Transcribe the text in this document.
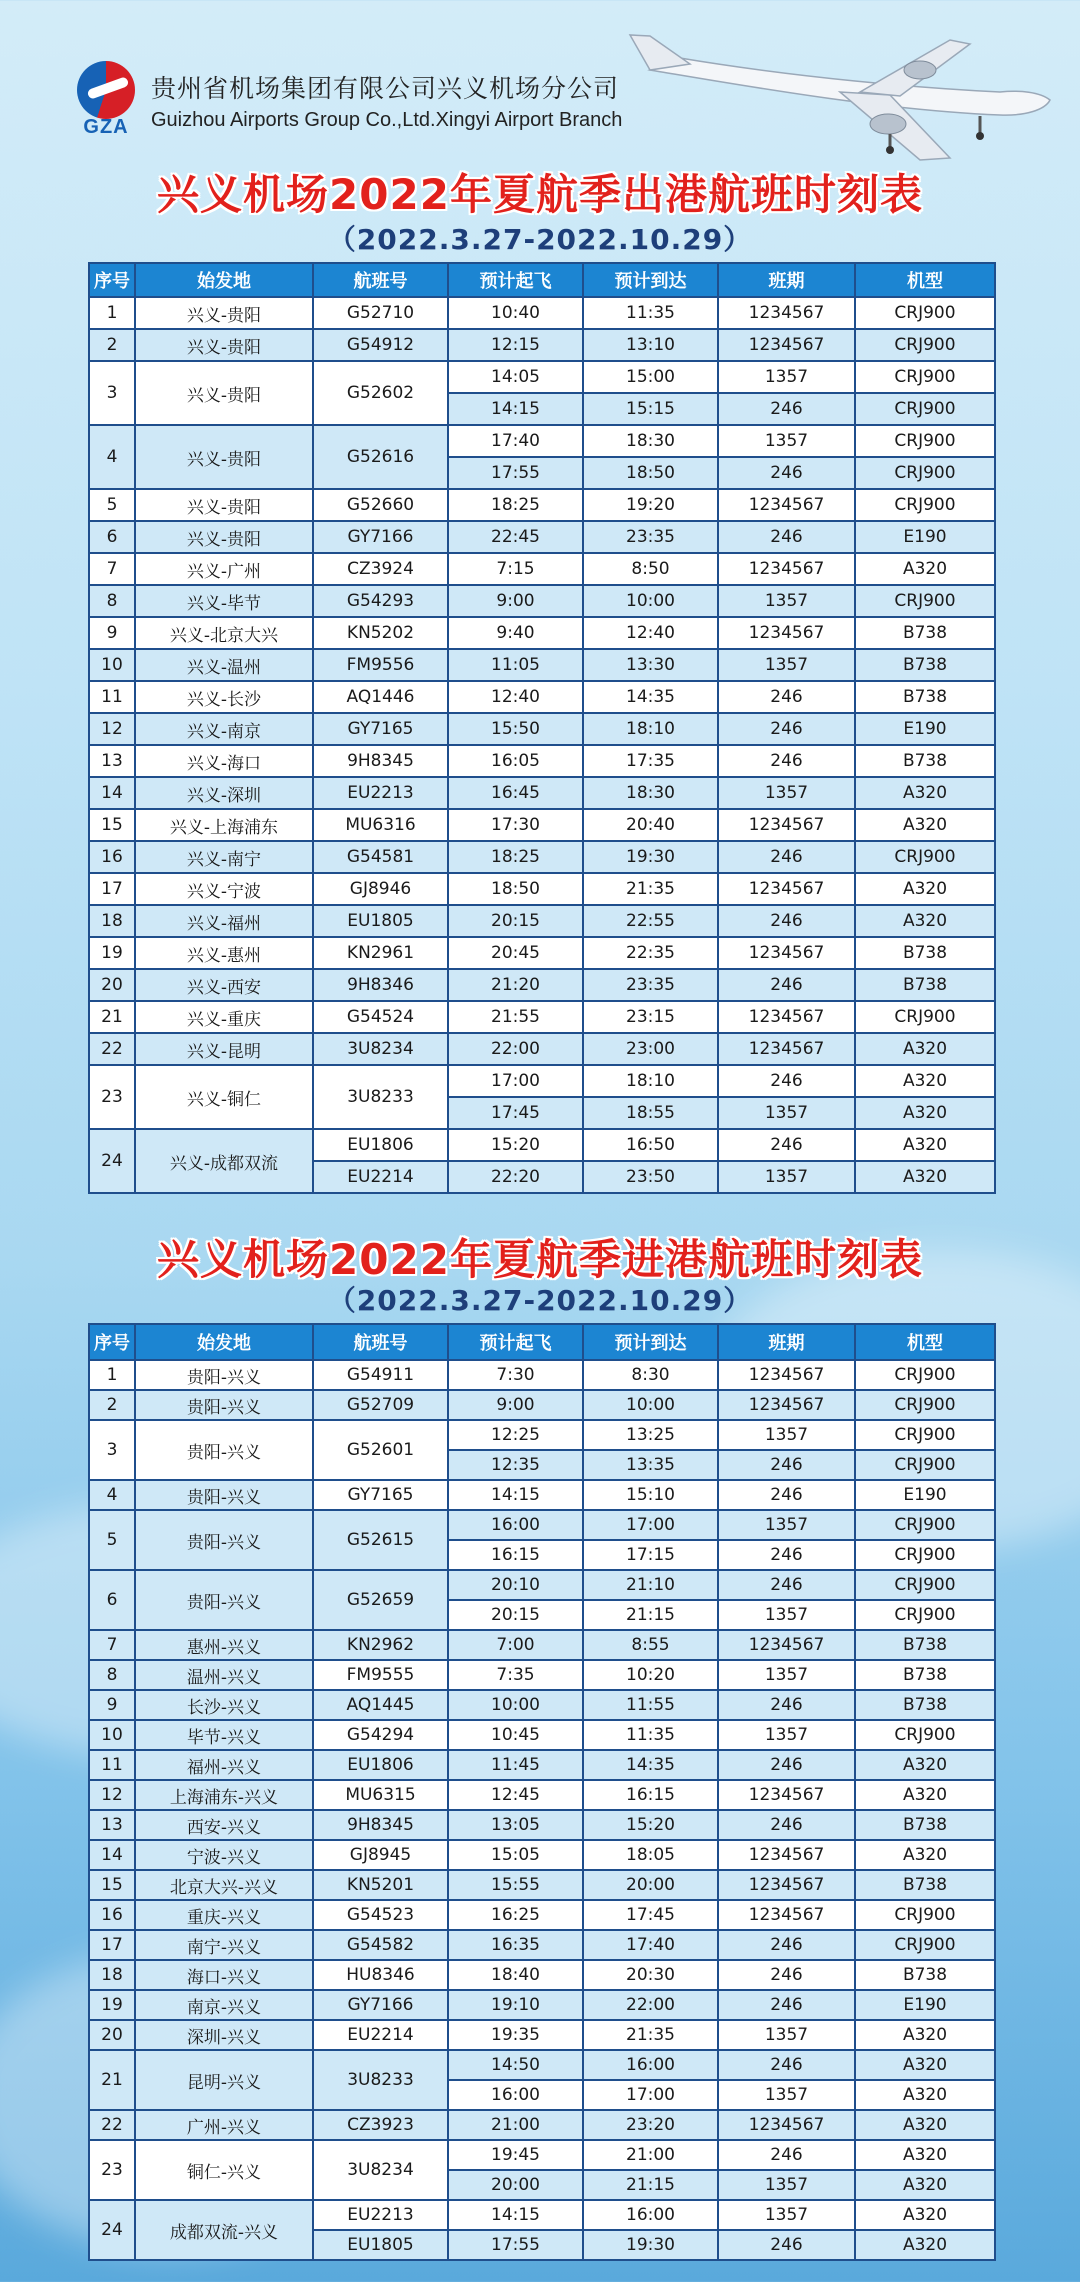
GZA
贵州省机场集团有限公司兴义机场分公司
Guizhou Airports Group Co.,Ltd.Xingyi Airport Branch
兴义机场2022年夏航季出港航班时刻表
（2022.3.27-2022.10.29）
序号	始发地	航班号	预计起飞	预计到达	班期	机型
1	兴义-贵阳	G52710	10:40	11:35	1234567	CRJ900
2	兴义-贵阳	G54912	12:15	13:10	1234567	CRJ900
3	兴义-贵阳	G52602	14:05	15:00	1357	CRJ900
			14:15	15:15	246	CRJ900
4	兴义-贵阳	G52616	17:40	18:30	1357	CRJ900
			17:55	18:50	246	CRJ900
5	兴义-贵阳	G52660	18:25	19:20	1234567	CRJ900
6	兴义-贵阳	GY7166	22:45	23:35	246	E190
7	兴义-广州	CZ3924	7:15	8:50	1234567	A320
8	兴义-毕节	G54293	9:00	10:00	1357	CRJ900
9	兴义-北京大兴	KN5202	9:40	12:40	1234567	B738
10	兴义-温州	FM9556	11:05	13:30	1357	B738
11	兴义-长沙	AQ1446	12:40	14:35	246	B738
12	兴义-南京	GY7165	15:50	18:10	246	E190
13	兴义-海口	9H8345	16:05	17:35	246	B738
14	兴义-深圳	EU2213	16:45	18:30	1357	A320
15	兴义-上海浦东	MU6316	17:30	20:40	1234567	A320
16	兴义-南宁	G54581	18:25	19:30	246	CRJ900
17	兴义-宁波	GJ8946	18:50	21:35	1234567	A320
18	兴义-福州	EU1805	20:15	22:55	246	A320
19	兴义-惠州	KN2961	20:45	22:35	1234567	B738
20	兴义-西安	9H8346	21:20	23:35	246	B738
21	兴义-重庆	G54524	21:55	23:15	1234567	CRJ900
22	兴义-昆明	3U8234	22:00	23:00	1234567	A320
23	兴义-铜仁	3U8233	17:00	18:10	246	A320
			17:45	18:55	1357	A320
24	兴义-成都双流	EU1806	15:20	16:50	246	A320
		EU2214	22:20	23:50	1357	A320
兴义机场2022年夏航季进港航班时刻表
（2022.3.27-2022.10.29）
序号	始发地	航班号	预计起飞	预计到达	班期	机型
1	贵阳-兴义	G54911	7:30	8:30	1234567	CRJ900
2	贵阳-兴义	G52709	9:00	10:00	1234567	CRJ900
3	贵阳-兴义	G52601	12:25	13:25	1357	CRJ900
			12:35	13:35	246	CRJ900
4	贵阳-兴义	GY7165	14:15	15:10	246	E190
5	贵阳-兴义	G52615	16:00	17:00	1357	CRJ900
			16:15	17:15	246	CRJ900
6	贵阳-兴义	G52659	20:10	21:10	246	CRJ900
			20:15	21:15	1357	CRJ900
7	惠州-兴义	KN2962	7:00	8:55	1234567	B738
8	温州-兴义	FM9555	7:35	10:20	1357	B738
9	长沙-兴义	AQ1445	10:00	11:55	246	B738
10	毕节-兴义	G54294	10:45	11:35	1357	CRJ900
11	福州-兴义	EU1806	11:45	14:35	246	A320
12	上海浦东-兴义	MU6315	12:45	16:15	1234567	A320
13	西安-兴义	9H8345	13:05	15:20	246	B738
14	宁波-兴义	GJ8945	15:05	18:05	1234567	A320
15	北京大兴-兴义	KN5201	15:55	20:00	1234567	B738
16	重庆-兴义	G54523	16:25	17:45	1234567	CRJ900
17	南宁-兴义	G54582	16:35	17:40	246	CRJ900
18	海口-兴义	HU8346	18:40	20:30	246	B738
19	南京-兴义	GY7166	19:10	22:00	246	E190
20	深圳-兴义	EU2214	19:35	21:35	1357	A320
21	昆明-兴义	3U8233	14:50	16:00	246	A320
			16:00	17:00	1357	A320
22	广州-兴义	CZ3923	21:00	23:20	1234567	A320
23	铜仁-兴义	3U8234	19:45	21:00	246	A320
			20:00	21:15	1357	A320
24	成都双流-兴义	EU2213	14:15	16:00	1357	A320
		EU1805	17:55	19:30	246	A320
